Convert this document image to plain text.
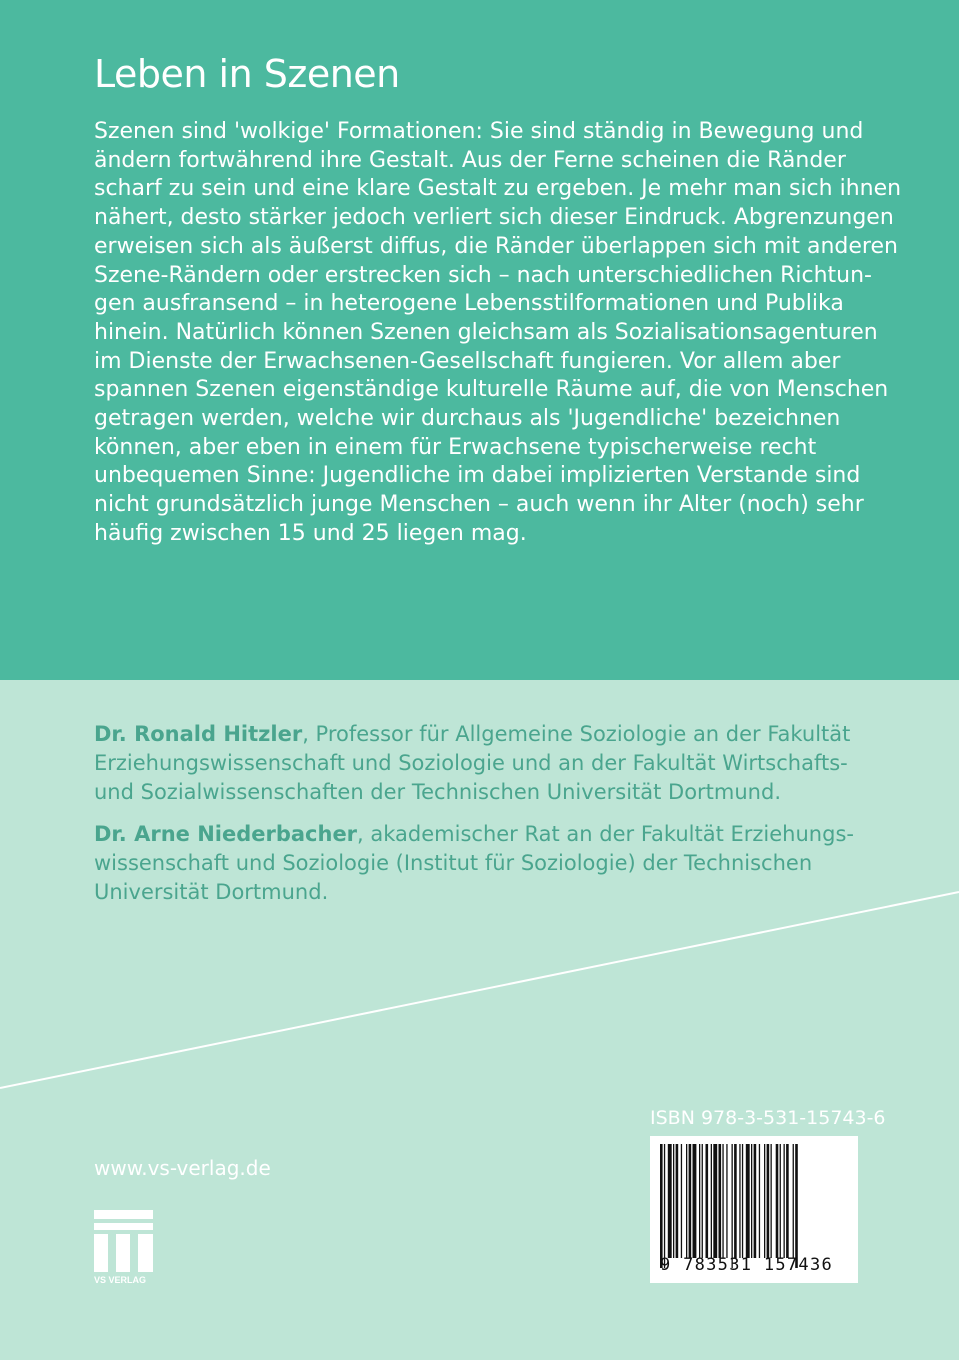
Leben in Szenen
Szenen sind 'wolkige' Formationen: Sie sind ständig in Bewegung und
ändern fortwährend ihre Gestalt. Aus der Ferne scheinen die Ränder
scharf zu sein und eine klare Gestalt zu ergeben. Je mehr man sich ihnen
nähert, desto stärker jedoch verliert sich dieser Eindruck. Abgrenzungen
erweisen sich als äußerst diffus, die Ränder überlappen sich mit anderen
Szene-Rändern oder erstrecken sich – nach unterschiedlichen Richtun-
gen ausfransend – in heterogene Lebensstilformationen und Publika
hinein. Natürlich können Szenen gleichsam als Sozialisationsagenturen
im Dienste der Erwachsenen-Gesellschaft fungieren. Vor allem aber
spannen Szenen eigenständige kulturelle Räume auf, die von Menschen
getragen werden, welche wir durchaus als 'Jugendliche' bezeichnen
können, aber eben in einem für Erwachsene typischerweise recht
unbequemen Sinne: Jugendliche im dabei implizierten Verstande sind
nicht grundsätzlich junge Menschen – auch wenn ihr Alter (noch) sehr
häufig zwischen 15 und 25 liegen mag.
Dr. Ronald Hitzler, Professor für Allgemeine Soziologie an der Fakultät
Erziehungswissenschaft und Soziologie und an der Fakultät Wirtschafts-
und Sozialwissenschaften der Technischen Universität Dortmund.
Dr. Arne Niederbacher, akademischer Rat an der Fakultät Erziehungs-
wissenschaft und Soziologie (Institut für Soziologie) der Technischen
Universität Dortmund.
www.vs-verlag.de
VS VERLAG
ISBN 978-3-531-15743-6
9 783531 157436
